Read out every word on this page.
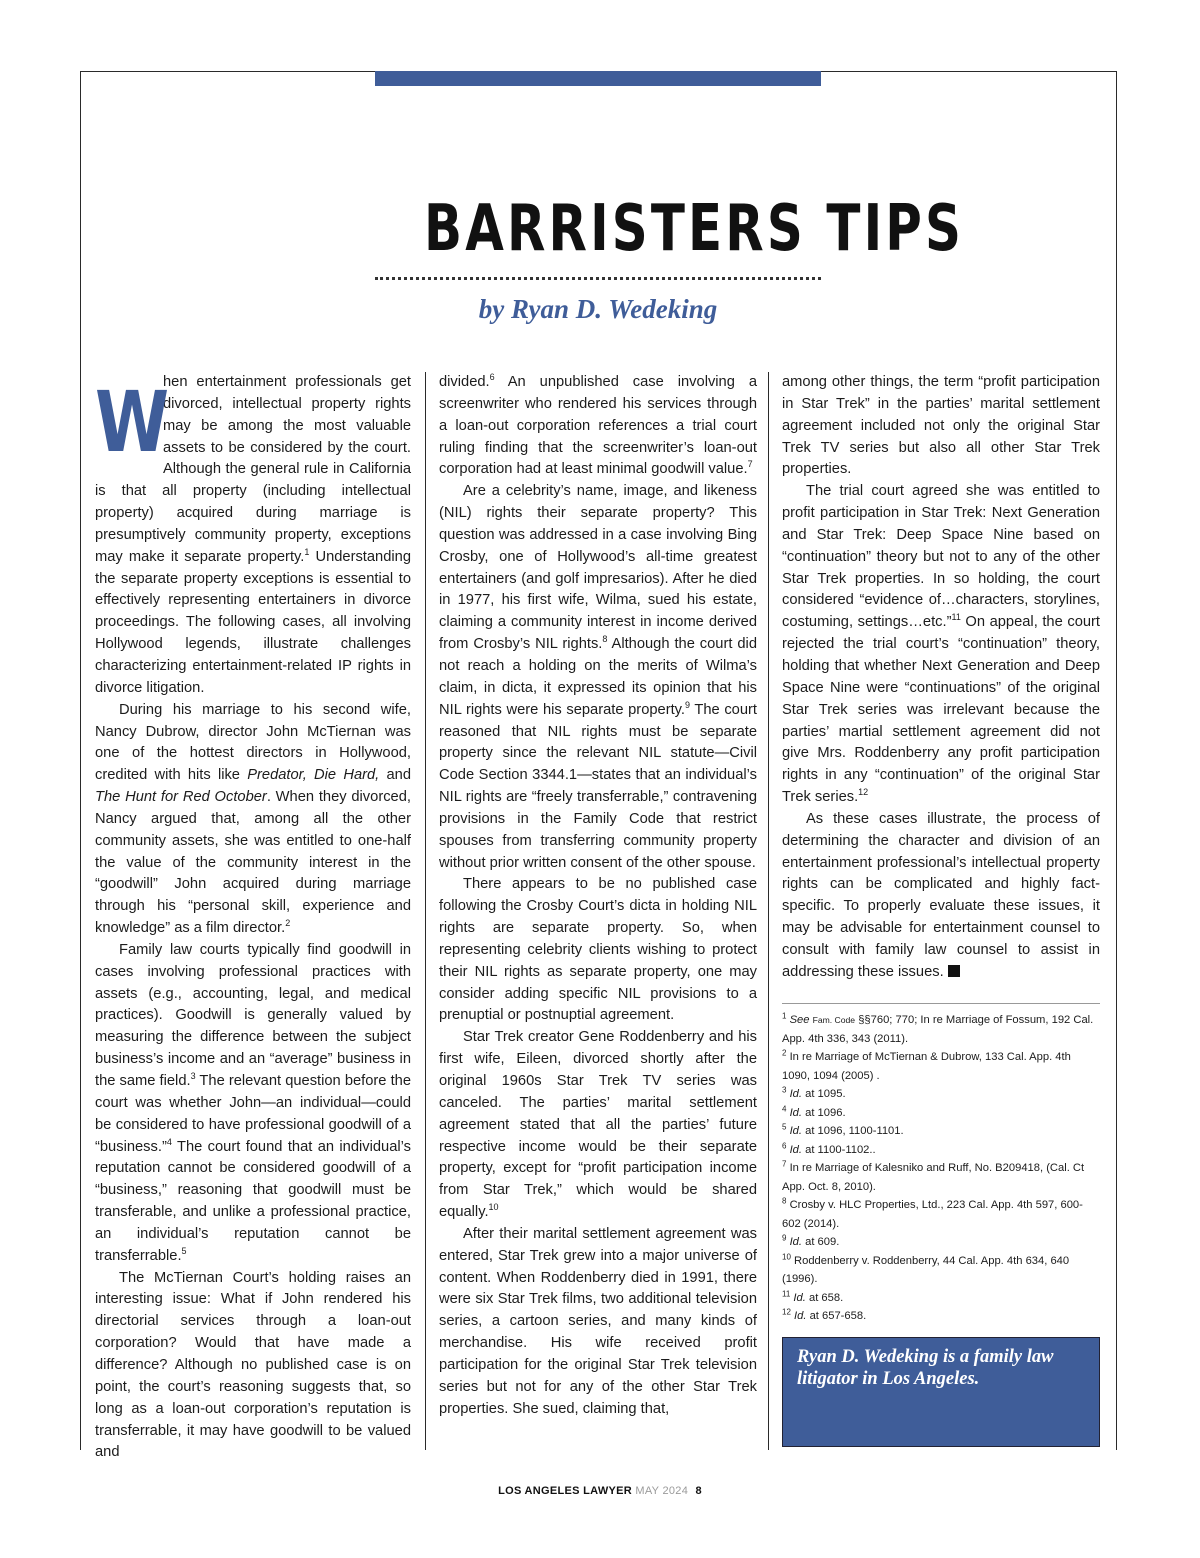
BARRISTERS TIPS
by Ryan D. Wedeking

W
hen entertainment professionals get divorced, intellectual property rights may be among the most valuable assets to be considered by the court. Although the general rule in California is that all property (including intellectual property) acquired during marriage is presumptively community property, exceptions may make it separate property.$^1$ Understanding the separate property exceptions is essential to effectively representing entertainers in divorce proceedings. The following cases, all involving Hollywood legends, illustrate challenges characterizing entertainment-related IP rights in divorce litigation.

During his marriage to his second wife, Nancy Dubrow, director John McTiernan was one of the hottest directors in Hollywood, credited with hits like Predator, Die Hard, and The Hunt for Red October. When they divorced, Nancy argued that, among all the other community assets, she was entitled to one-half the value of the community interest in the “goodwill” John acquired during marriage through his “personal skill, experience and knowledge” as a film director.$^2$

Family law courts typically find goodwill in cases involving professional practices with assets (e.g., accounting, legal, and medical practices). Goodwill is generally valued by measuring the difference between the subject business’s income and an “average” business in the same field.$^3$ The relevant question before the court was whether John—an individual—could be considered to have professional goodwill of a “business.”$^4$ The court found that an individual’s reputation cannot be considered goodwill of a “business,” reasoning that goodwill must be transferable, and unlike a professional practice, an individual’s reputation cannot be transferrable.$^5$

The McTiernan Court’s holding raises an interesting issue: What if John rendered his directorial services through a loan-out corporation? Would that have made a difference? Although no published case is on point, the court’s reasoning suggests that, so long as a loan-out corporation’s reputation is transferrable, it may have goodwill to be valued and

divided.$^6$ An unpublished case involving a screenwriter who rendered his services through a loan-out corporation references a trial court ruling finding that the screenwriter’s loan-out corporation had at least minimal goodwill value.$^7$

Are a celebrity’s name, image, and likeness (NIL) rights their separate property? This question was addressed in a case involving Bing Crosby, one of Hollywood’s all-time greatest entertainers (and golf impresarios). After he died in 1977, his first wife, Wilma, sued his estate, claiming a community interest in income derived from Crosby’s NIL rights.$^8$ Although the court did not reach a holding on the merits of Wilma’s claim, in dicta, it expressed its opinion that his NIL rights were his separate property.$^9$ The court reasoned that NIL rights must be separate property since the relevant NIL statute—Civil Code Section 3344.1—states that an individual’s NIL rights are “freely transferrable,” contravening provisions in the Family Code that restrict spouses from transferring community property without prior written consent of the other spouse.

There appears to be no published case following the Crosby Court’s dicta in holding NIL rights are separate property. So, when representing celebrity clients wishing to protect their NIL rights as separate property, one may consider adding specific NIL provisions to a prenuptial or postnuptial agreement.

Star Trek creator Gene Roddenberry and his first wife, Eileen, divorced shortly after the original 1960s Star Trek TV series was canceled. The parties’ marital settlement agreement stated that all the parties’ future respective income would be their separate property, except for “profit participation income from Star Trek,” which would be shared equally.$^{10}$

After their marital settlement agreement was entered, Star Trek grew into a major universe of content. When Roddenberry died in 1991, there were six Star Trek films, two additional television series, a cartoon series, and many kinds of merchandise. His wife received profit participation for the original Star Trek television series but not for any of the other Star Trek properties. She sued, claiming that,

among other things, the term “profit participation in Star Trek” in the parties’ marital settlement agreement included not only the original Star Trek TV series but also all other Star Trek properties.

The trial court agreed she was entitled to profit participation in Star Trek: Next Generation and Star Trek: Deep Space Nine based on “continuation” theory but not to any of the other Star Trek properties. In so holding, the court considered “evidence of…characters, storylines, costuming, settings…etc.”$^{11}$ On appeal, the court rejected the trial court’s “continuation” theory, holding that whether Next Generation and Deep Space Nine were “continuations” of the original Star Trek series was irrelevant because the parties’ martial settlement agreement did not give Mrs. Roddenberry any profit participation rights in any “continuation” of the original Star Trek series.$^{12}$

As these cases illustrate, the process of determining the character and division of an entertainment professional’s intellectual property rights can be complicated and highly fact-specific. To properly evaluate these issues, it may be advisable for entertainment counsel to consult with family law counsel to assist in addressing these issues.

$^1$ See Fam. Code §§760; 770; In re Marriage of Fossum, 192 Cal. App. 4th 336, 343 (2011).
$^2$ In re Marriage of McTiernan & Dubrow, 133 Cal. App. 4th 1090, 1094 (2005) .
$^3$ Id. at 1095.
$^4$ Id. at 1096.
$^5$ Id. at 1096, 1100-1101.
$^6$ Id. at 1100-1102..
$^7$ In re Marriage of Kalesniko and Ruff, No. B209418, (Cal. Ct App. Oct. 8, 2010).
$^8$ Crosby v. HLC Properties, Ltd., 223 Cal. App. 4th 597, 600-602 (2014).
$^9$ Id. at 609.
$^{10}$ Roddenberry v. Roddenberry, 44 Cal. App. 4th 634, 640 (1996).
$^{11}$ Id. at 658.
$^{12}$ Id. at 657-658.
Ryan D. Wedeking is a family law litigator in Los Angeles.
LOS ANGELES LAWYER MAY 2024 8
